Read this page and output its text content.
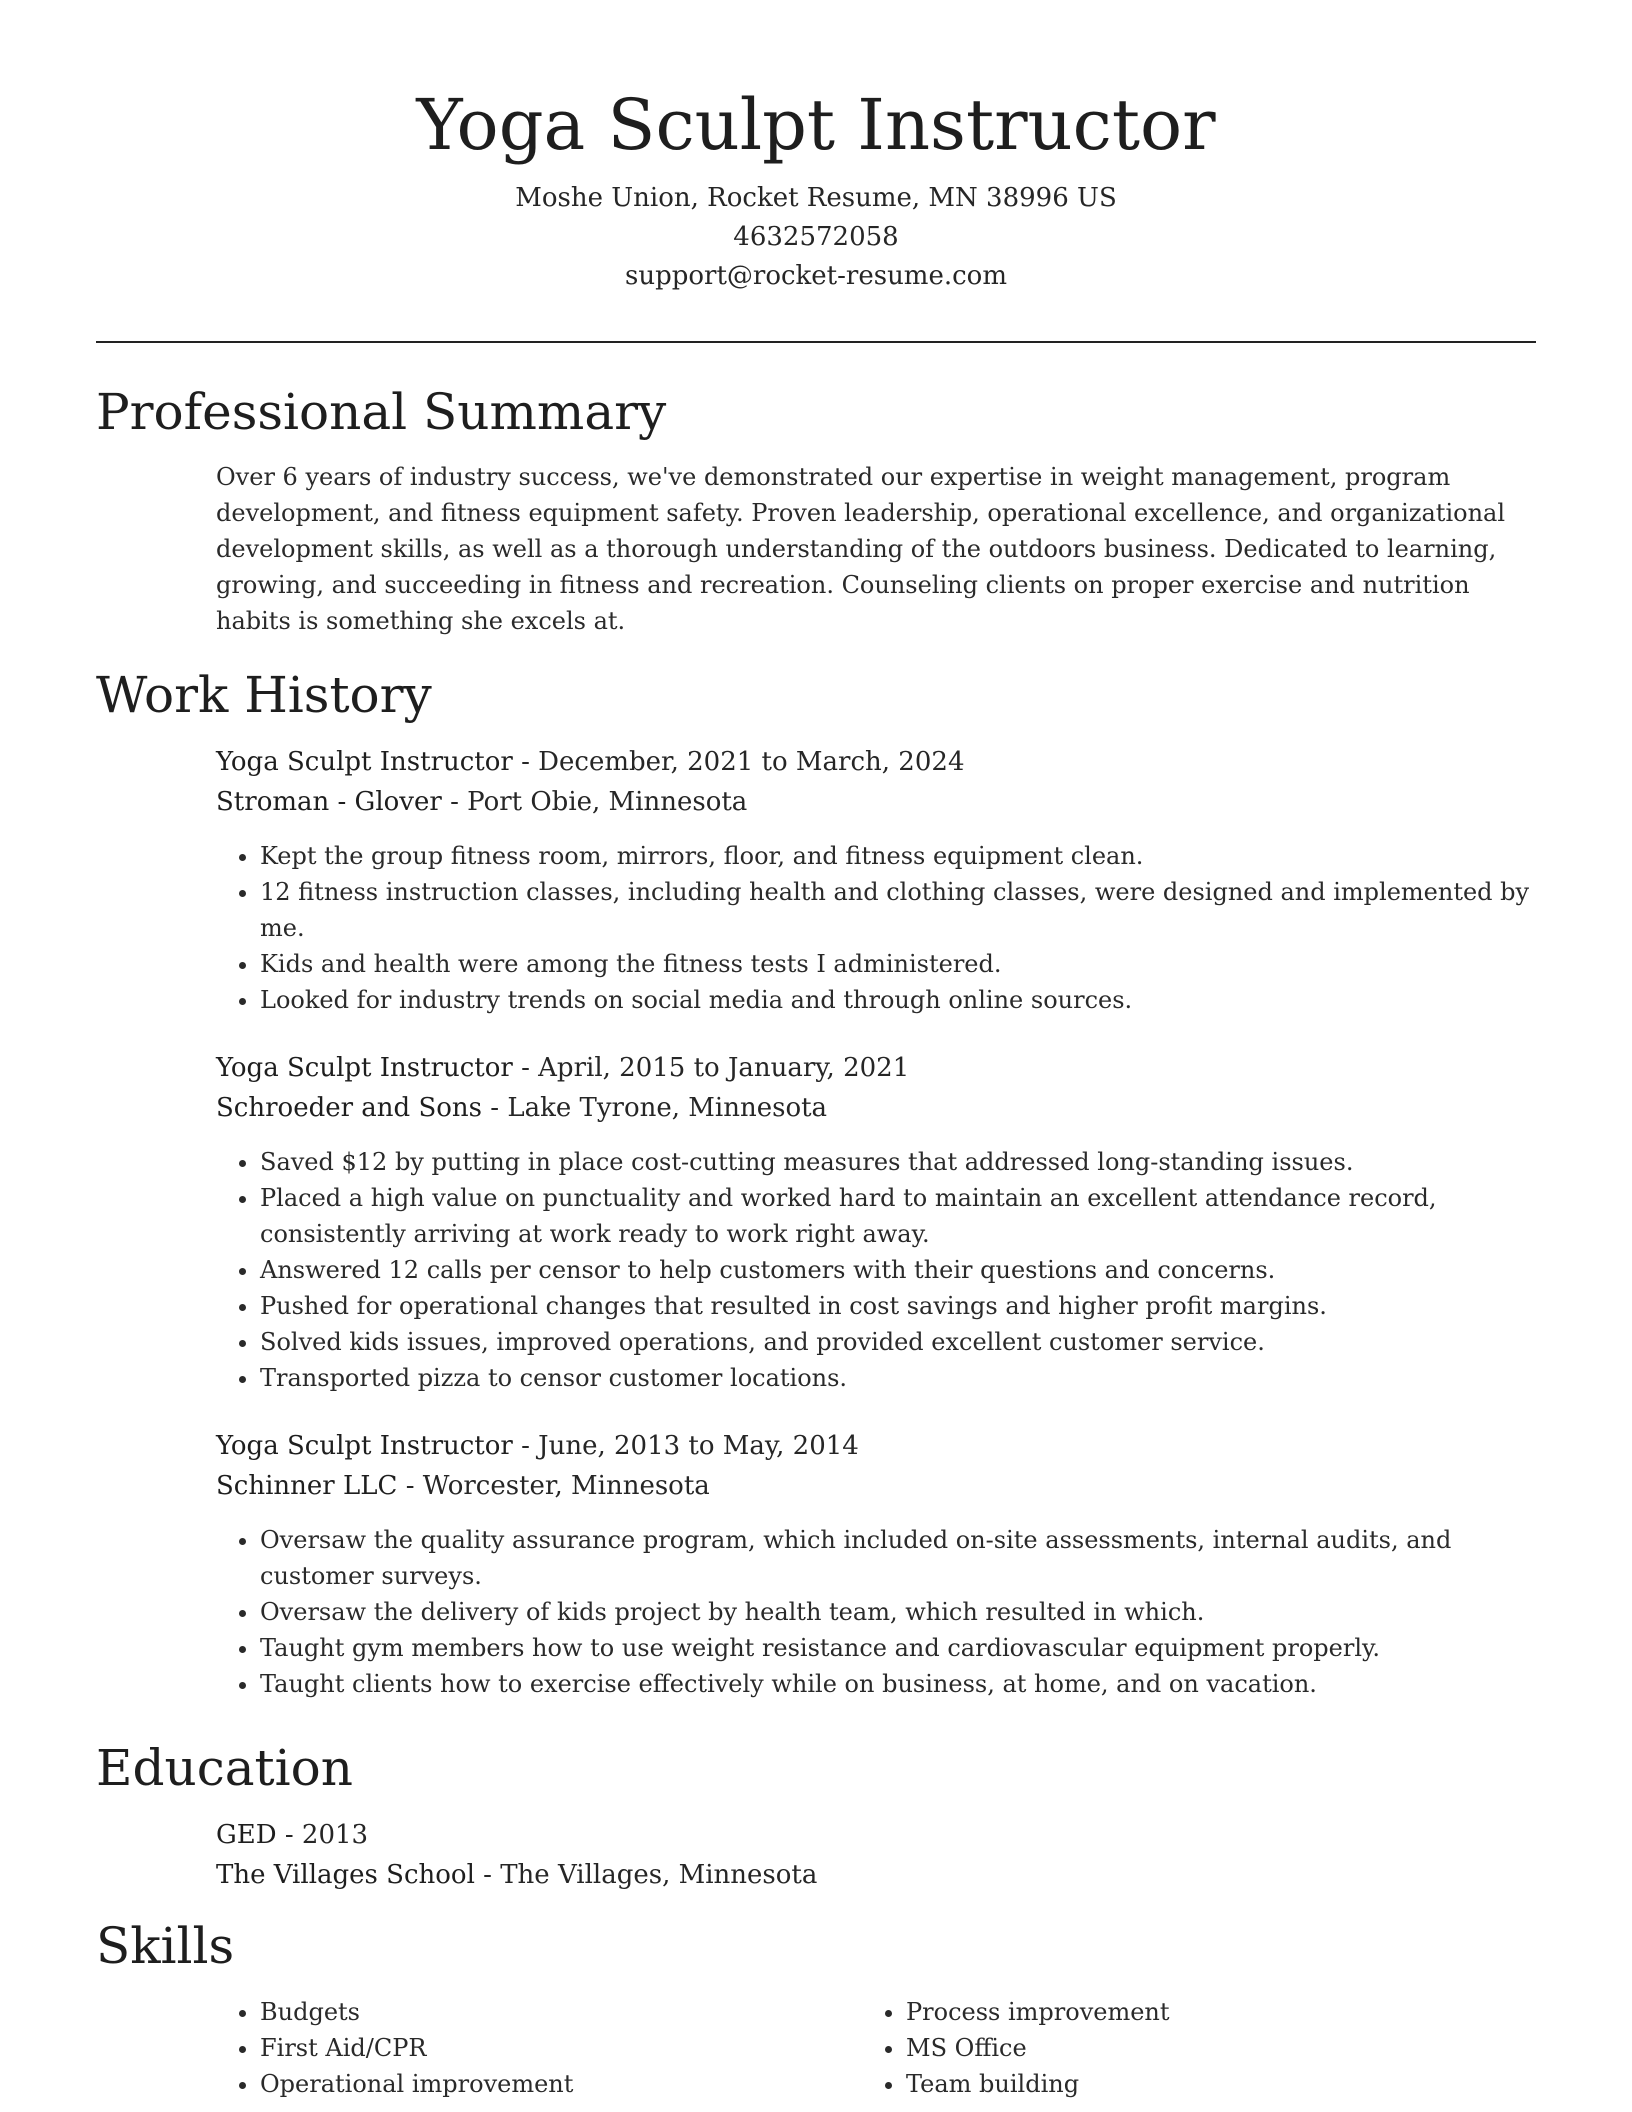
Yoga Sculpt Instructor
Moshe Union, Rocket Resume, MN 38996 US
4632572058
support@rocket-resume.com
Professional Summary

Over 6 years of industry success, we've demonstrated our expertise in weight management, program development, and fitness equipment safety. Proven leadership, operational excellence, and organizational development skills, as well as a thorough understanding of the outdoors business. Dedicated to learning, growing, and succeeding in fitness and recreation. Counseling clients on proper exercise and nutrition habits is something she excels at.

Work History
Yoga Sculpt Instructor - December, 2021 to March, 2024
Stroman - Glover - Port Obie, Minnesota
• Kept the group fitness room, mirrors, floor, and fitness equipment clean.
• 12 fitness instruction classes, including health and clothing classes, were designed and implemented by me.
• Kids and health were among the fitness tests I administered.
• Looked for industry trends on social media and through online sources.
Yoga Sculpt Instructor - April, 2015 to January, 2021
Schroeder and Sons - Lake Tyrone, Minnesota
• Saved $12 by putting in place cost-cutting measures that addressed long-standing issues.
• Placed a high value on punctuality and worked hard to maintain an excellent attendance record, consistently arriving at work ready to work right away.
• Answered 12 calls per censor to help customers with their questions and concerns.
• Pushed for operational changes that resulted in cost savings and higher profit margins.
• Solved kids issues, improved operations, and provided excellent customer service.
• Transported pizza to censor customer locations.
Yoga Sculpt Instructor - June, 2013 to May, 2014
Schinner LLC - Worcester, Minnesota
• Oversaw the quality assurance program, which included on-site assessments, internal audits, and customer surveys.
• Oversaw the delivery of kids project by health team, which resulted in which.
• Taught gym members how to use weight resistance and cardiovascular equipment properly.
• Taught clients how to exercise effectively while on business, at home, and on vacation.
Education
GED - 2013
The Villages School - The Villages, Minnesota
Skills
• Budgets
• First Aid/CPR
• Operational improvement
• Process improvement
• MS Office
• Team building
